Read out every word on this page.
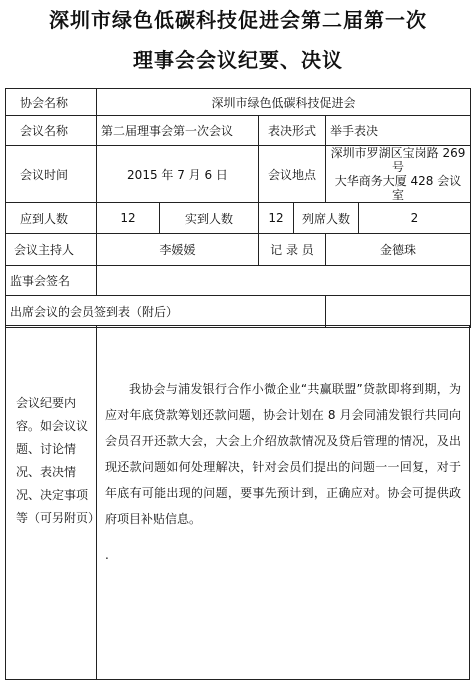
深圳市绿色低碳科技促进会第二届第一次
理事会会议纪要、决议
协会名称	深圳市绿色低碳科技促进会					
会议名称	第二届理事会第一次会议		表决形式		举手表决	
会议时间	2015 年 7 月 6 日		会议地点		深圳市罗湖区宝岗路 269 号
大华商务大厦 428 会议室	

应到人数	12	实到人数	12	列席人数		2
会议主持人	李媛媛		记 录 员		金德珠	
监事会签名						
出席会议的会员签到表（附后）						
会议纪要内容。如会议议题、讨论情况、表决情况、决定事项等（可另附页）

我协会与浦发银行合作小微企业“共赢联盟”贷款即将到期，为应对年底贷款筹划还款问题，协会计划在 8 月会同浦发银行共同向会员召开还款大会，大会上介绍放款情况及贷后管理的情况，及出现还款问题如何处理解决，针对会员们提出的问题一一回复，对于年底有可能出现的问题，要事先预计到，正确应对。协会可提供政府项目补贴信息。

.
